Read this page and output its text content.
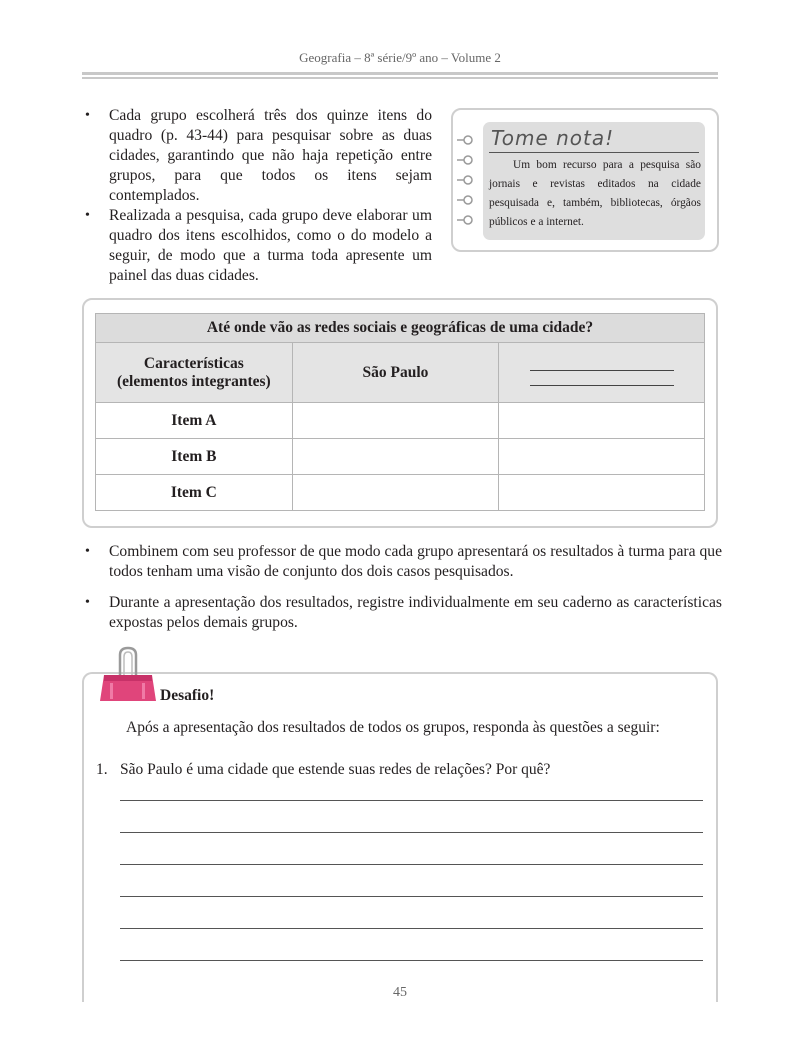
Geografia – 8ª série/9º ano – Volume 2
•	Cada grupo escolherá três dos quinze itens do quadro (p. 43-44) para pesquisar sobre as duas cidades, garantindo que não haja repetição entre grupos, para que todos os itens sejam contemplados.
•	Realizada a pesquisa, cada grupo deve elaborar um quadro dos itens escolhidos, como o do modelo a seguir, de modo que a turma toda apresente um painel das duas cidades.
Tome nota!
Um bom recurso para a pesquisa são jornais e revistas editados na cidade pesquisada e, também, bibliotecas, órgãos públicos e a internet.
Até onde vão as redes sociais e geográficas de uma cidade?		
Características
(elementos integrantes)	São Paulo	

Item A		
Item B		
Item C		
•	Combinem com seu professor de que modo cada grupo apresentará os resultados à turma para que todos tenham uma visão de conjunto dos dois casos pesquisados.
•	Durante a apresentação dos resultados, registre individualmente em seu caderno as características expostas pelos demais grupos.
Desafio!
Após a apresentação dos resultados de todos os grupos, responda às questões a seguir:
1. São Paulo é uma cidade que estende suas redes de relações? Por quê?
45
